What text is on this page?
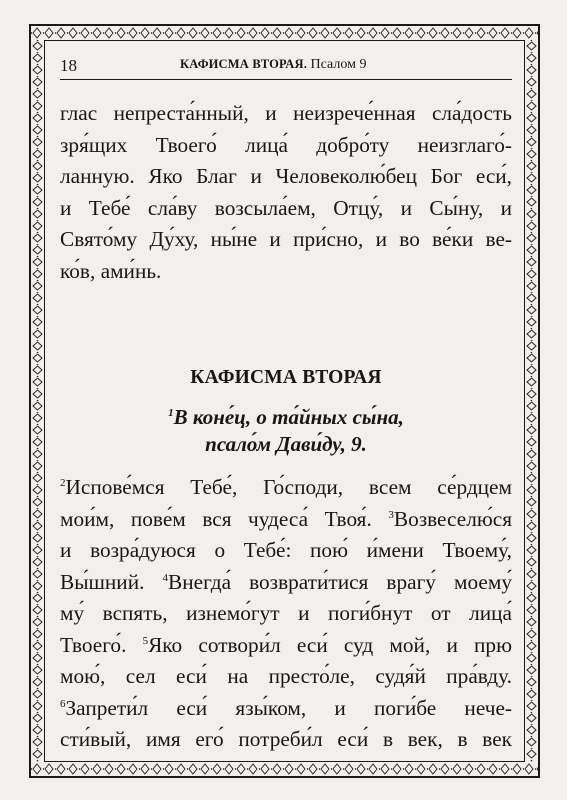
18	КАФИСМА ВТОРАЯ. Псалом 9
глас непреста́нный, и неизрече́нная сла́дость
зря́щих Твоего́ лица́ добро́ту неизглаго́-
ланную. Яко Благ и Человеколю́бец Бог еси́,
и Тебе́ сла́ву возсыла́ем, Отцу́, и Сы́ну, и
Свято́му Ду́ху, ны́не и при́сно, и во ве́ки ве-
ко́в, ами́нь.
КАФИСМА ВТОРАЯ
$^1$В коне́ц, о та́йных сы́на,
псало́м Дави́ду, 9.
$^2$Испове́мся Тебе́, Го́споди, всем се́рдцем
мои́м, пове́м вся чудеса́ Твоя́. $^3$Возвеселю́ся
и возра́дуюся о Тебе́: пою́ и́мени Твоему́,
Вы́шний. $^4$Внегда́ возврати́тися врагу́ моему́
му́ вспять, изнемо́гут и поги́бнут от лица́
Твоего́. $^5$Яко сотвори́л еси́ суд мой, и прю
мою́, сел еси́ на престо́ле, судя́й пра́вду.
$^6$Запрети́л еси́ язы́ком, и поги́бе нече-
сти́вый, имя его́ потреби́л еси́ в век, в век
